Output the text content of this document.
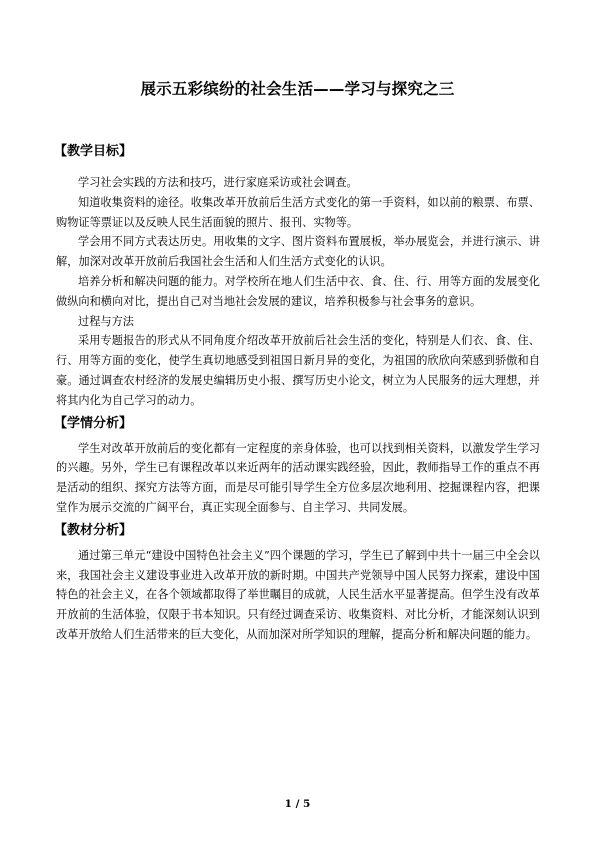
展示五彩缤纷的社会生活——学习与探究之三
【教学目标】
学习社会实践的方法和技巧，进行家庭采访或社会调查。
知道收集资料的途径。收集改革开放前后生活方式变化的第一手资料，如以前的粮票、布票、购物证等票证以及反映人民生活面貌的照片、报刊、实物等。
学会用不同方式表达历史。用收集的文字、图片资料布置展板，举办展览会，并进行演示、讲解，加深对改革开放前后我国社会生活和人们生活方式变化的认识。
培养分析和解决问题的能力。对学校所在地人们生活中衣、食、住、行、用等方面的发展变化做纵向和横向对比，提出自己对当地社会发展的建议，培养积极参与社会事务的意识。
过程与方法
采用专题报告的形式从不同角度介绍改革开放前后社会生活的变化，特别是人们衣、食、住、行、用等方面的变化，使学生真切地感受到祖国日新月异的变化，为祖国的欣欣向荣感到骄傲和自豪。通过调查农村经济的发展史编辑历史小报、撰写历史小论文，树立为人民服务的远大理想，并将其内化为自己学习的动力。
【学情分析】
学生对改革开放前后的变化都有一定程度的亲身体验，也可以找到相关资料，以激发学生学习的兴趣。另外，学生已有课程改革以来近两年的活动课实践经验，因此，教师指导工作的重点不再是活动的组织、探究方法等方面，而是尽可能引导学生全方位多层次地利用、挖掘课程内容，把课堂作为展示交流的广阔平台，真正实现全面参与、自主学习、共同发展。
【教材分析】
通过第三单元“建设中国特色社会主义”四个课题的学习，学生已了解到中共十一届三中全会以来，我国社会主义建设事业进入改革开放的新时期。中国共产党领导中国人民努力探索，建设中国特色的社会主义，在各个领域都取得了举世瞩目的成就，人民生活水平显著提高。但学生没有改革开放前的生活体验，仅限于书本知识。只有经过调查采访、收集资料、对比分析，才能深刻认识到改革开放给人们生活带来的巨大变化，从而加深对所学知识的理解，提高分析和解决问题的能力。
1 / 5
